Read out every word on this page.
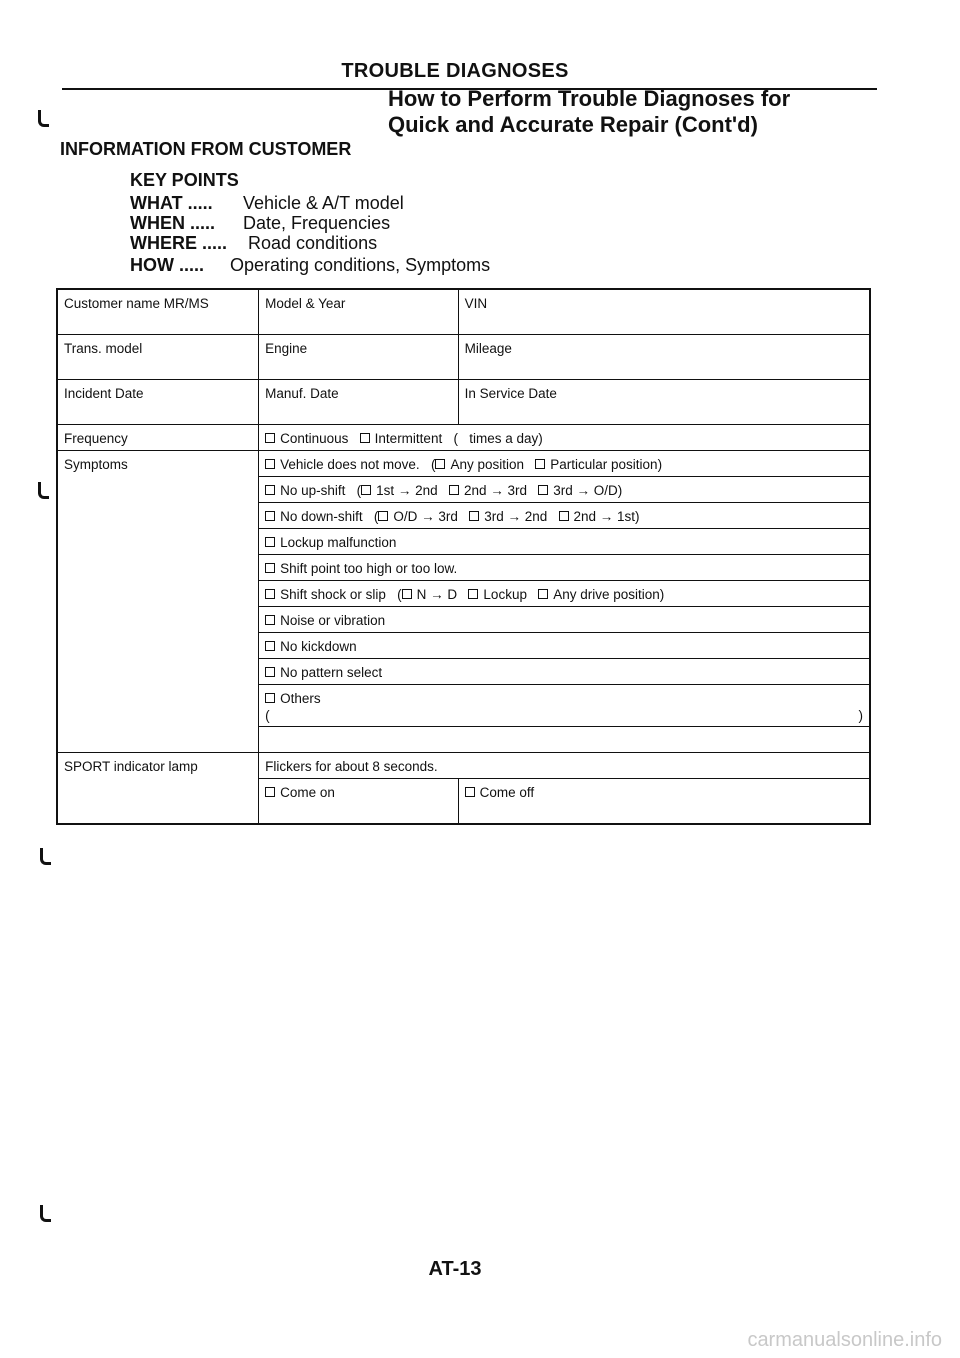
TROUBLE DIAGNOSES
How to Perform Trouble Diagnoses for
Quick and Accurate Repair (Cont'd)
INFORMATION FROM CUSTOMER
KEY POINTS
WHAT ..... Vehicle & A/T model
WHEN ..... Date, Frequencies
WHERE ..... Road conditions
HOW ..... Operating conditions, Symptoms
Customer name MR/MS	Model & Year	VIN
Trans. model	Engine	Mileage
Incident Date	Manuf. Date	In Service Date
Frequency	Continuous Intermittent (   times a day)	
Symptoms	Vehicle does not move. ( Any position Particular position)	
	No up-shift ( 1st → 2nd 2nd → 3rd 3rd → O/D)	
	No down-shift ( O/D → 3rd 3rd → 2nd 2nd → 1st)	
	Lockup malfunction	
	Shift point too high or too low.	
	Shift shock or slip ( N → D Lockup Any drive position)	
	Noise or vibration	
	No kickdown	
	No pattern select	

	Others
( )	

SPORT indicator lamp	Flickers for about 8 seconds.	
	Come on	Come off
AT-13
carmanualsonline.info
